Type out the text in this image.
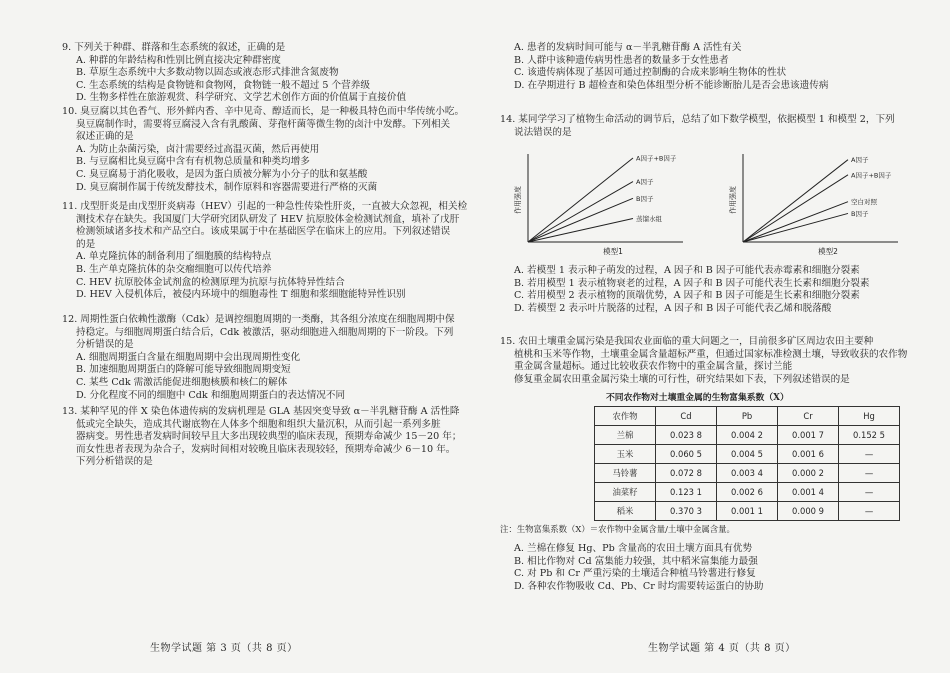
9. 下列关于种群、群落和生态系统的叙述，正确的是
A. 种群的年龄结构和性别比例直接决定种群密度
B. 草原生态系统中大多数动物以固态或液态形式排泄含氮废物
C. 生态系统的结构是食物链和食物网，食物链一般不超过 5 个营养级
D. 生物多样性在旅游观赏、科学研究、文学艺术创作方面的价值属于直接价值
10. 臭豆腐以其色香气、形外鲜内香、辛中见奇、醇适而长，是一种极具特色而中华传统小吃。
臭豆腐制作时，需要将豆腐浸入含有乳酸菌、芽孢杆菌等微生物的卤汁中发酵。下列相关
叙述正确的是
A. 为防止杂菌污染，卤汁需要经过高温灭菌，然后再使用
B. 与豆腐相比臭豆腐中含有有机物总质量和种类均增多
C. 臭豆腐易于消化吸收，是因为蛋白质被分解为小分子的肽和氨基酸
D. 臭豆腐制作属于传统发酵技术，制作原料和容器需要进行严格的灭菌
11. 戊型肝炎是由戊型肝炎病毒（HEV）引起的一种急性传染性肝炎，一直被大众忽视，相关检
测技术存在缺失。我国厦门大学研究团队研发了 HEV 抗原胶体金检测试剂盒，填补了戊肝
检测领域诸多技术和产品空白。该成果属于中在基础医学在临床上的应用。下列叙述错误
的是
A. 单克隆抗体的制备利用了细胞膜的结构特点
B. 生产单克隆抗体的杂交瘤细胞可以传代培养
C. HEV 抗原胶体金试剂盒的检测原理为抗原与抗体特异性结合
D. HEV 入侵机体后，被侵内环境中的细胞毒性 T 细胞和浆细胞能特异性识别
12. 周期性蛋白依赖性激酶（Cdk）是调控细胞周期的一类酶，其各组分浓度在细胞周期中保
持稳定。与细胞周期蛋白结合后，Cdk 被激活，驱动细胞进入细胞周期的下一阶段。下列
分析错误的是
A. 细胞周期蛋白含量在细胞周期中会出现周期性变化
B. 加速细胞周期蛋白的降解可能导致细胞周期变短
C. 某些 Cdk 需激活能促进细胞核膜和核仁的解体
D. 分化程度不同的细胞中 Cdk 和细胞周期蛋白的表达情况不同
13. 某种罕见的伴 X 染色体遗传病的发病机理是 GLA 基因突变导致 α－半乳糖苷酶 A 活性降
低或完全缺失，造成其代谢底物在人体多个细胞和组织大量沉积，从而引起一系列多脏
器病变。男性患者发病时间较早且大多出现较典型的临床表现，预期寿命减少 15－20 年；
而女性患者表现为杂合子，发病时间相对较晚且临床表现较轻，预期寿命减少 6－10 年。
下列分析错误的是
生物学试题 第 3 页（共 8 页）
A. 患者的发病时间可能与 α－半乳糖苷酶 A 活性有关
B. 人群中该种遗传病男性患者的数量多于女性患者
C. 该遗传病体现了基因可通过控制酶的合成来影响生物体的性状
D. 在孕期进行 B 超检查和染色体组型分析不能诊断胎儿是否会患该遗传病
14. 某同学学习了植物生命活动的调节后，总结了如下数学模型，依据模型 1 和模型 2，下列
说法错误的是
作用强度
模型1
A因子+B因子
A因子
B因子
蒸馏水组
作用强度
模型2
A因子
A因子+B因子
空白对照
B因子
A. 若模型 1 表示种子萌发的过程，A 因子和 B 因子可能代表赤霉素和细胞分裂素
B. 若用模型 1 表示植物衰老的过程，A 因子和 B 因子可能代表生长素和细胞分裂素
C. 若用模型 2 表示植物的顶端优势，A 因子和 B 因子可能是生长素和细胞分裂素
D. 若模型 2 表示叶片脱落的过程，A 因子和 B 因子可能代表乙烯和脱落酸
15. 农田土壤重金属污染是我国农业面临的重大问题之一，目前很多矿区周边农田主要种
植桃和玉米等作物，土壤重金属含量超标严重，但通过国家标准检测土壤，导致收获的农作物
重金属含量超标。通过比较收获农作物中的重金属含量，探讨兰能
修复重金属农田重金属污染土壤的可行性，研究结果如下表，下列叙述错误的是
不同农作物对土壤重金属的生物富集系数（X）
农作物	Cd	Pb	Cr	Hg
兰棉	0.023 8	0.004 2	0.001 7	0.152 5
玉米	0.060 5	0.004 5	0.001 6	—
马铃薯	0.072 8	0.003 4	0.000 2	—
油菜籽	0.123 1	0.002 6	0.001 4	—
稻米	0.370 3	0.001 1	0.000 9	—
注：生物富集系数（X）＝农作物中金属含量/土壤中金属含量。
A. 兰棉在修复 Hg、Pb 含量高的农田土壤方面具有优势
B. 相比作物对 Cd 富集能力较强，其中稻米富集能力最强
C. 对 Pb 和 Cr 严重污染的土壤适合种植马铃薯进行修复
D. 各种农作物吸收 Cd、Pb、Cr 时均需要转运蛋白的协助
生物学试题 第 4 页（共 8 页）
